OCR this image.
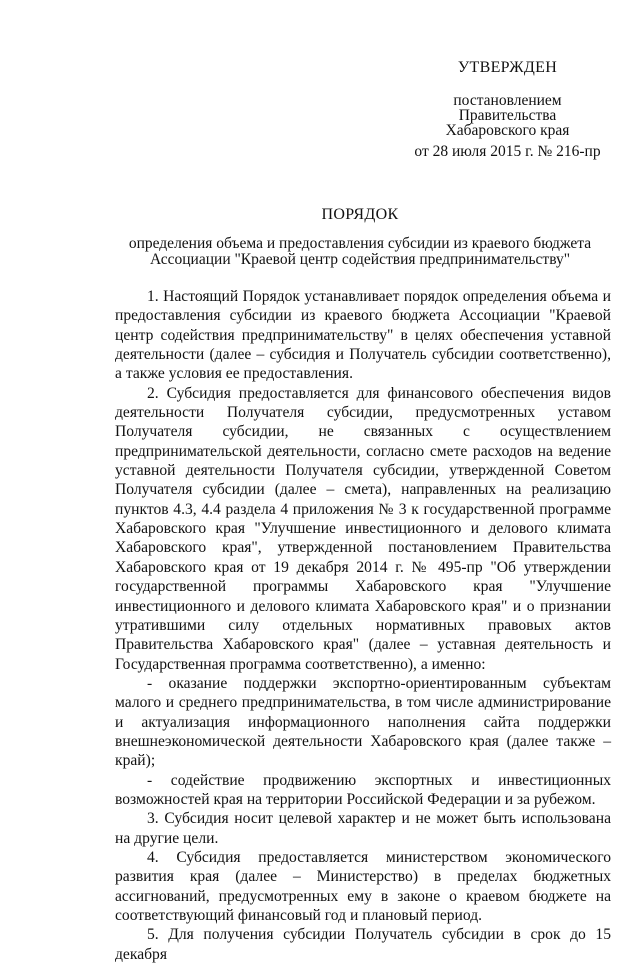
УТВЕРЖДЕН
постановлением
Правительства
Хабаровского края
от 28 июля 2015 г. № 216-пр
ПОРЯДОК
определения объема и предоставления субсидии из краевого бюджета
Ассоциации "Краевой центр содействия предпринимательству"

1. Настоящий Порядок устанавливает порядок определения объема и предоставления субсидии из краевого бюджета Ассоциации "Краевой центр содействия предпринимательству" в целях обеспечения уставной деятельности (далее – субсидия и Получатель субсидии соответственно), а также условия ее предоставления.

2. Субсидия предоставляется для финансового обеспечения видов деятельности Получателя субсидии, предусмотренных уставом Получателя субсидии, не связанных с осуществлением предпринимательской деятельности, согласно смете расходов на ведение уставной деятельности Получателя субсидии, утвержденной Советом Получателя субсидии (далее – смета), направленных на реализацию пунктов 4.3, 4.4 раздела 4 приложения № 3 к государственной программе Хабаровского края "Улучшение инвестиционного и делового климата Хабаровского края", утвержденной постановлением Правительства Хабаровского края от 19 декабря 2014 г. № 495-пр "Об утверждении государственной программы Хабаровского края "Улучшение инвестиционного и делового климата Хабаровского края" и о признании утратившими силу отдельных нормативных правовых актов Правительства Хабаровского края" (далее – уставная деятельность и Государственная программа соответственно), а именно:

- оказание поддержки экспортно-ориентированным субъектам малого и среднего предпринимательства, в том числе администрирование и актуализация информационного наполнения сайта поддержки внешнеэкономической деятельности Хабаровского края (далее также – край);

- содействие продвижению экспортных и инвестиционных возможностей края на территории Российской Федерации и за рубежом.

3. Субсидия носит целевой характер и не может быть использована на другие цели.

4. Субсидия предоставляется министерством экономического развития края (далее – Министерство) в пределах бюджетных ассигнований, предусмотренных ему в законе о краевом бюджете на соответствующий финансовый год и плановый период.

5. Для получения субсидии Получатель субсидии в срок до 15 декабря
